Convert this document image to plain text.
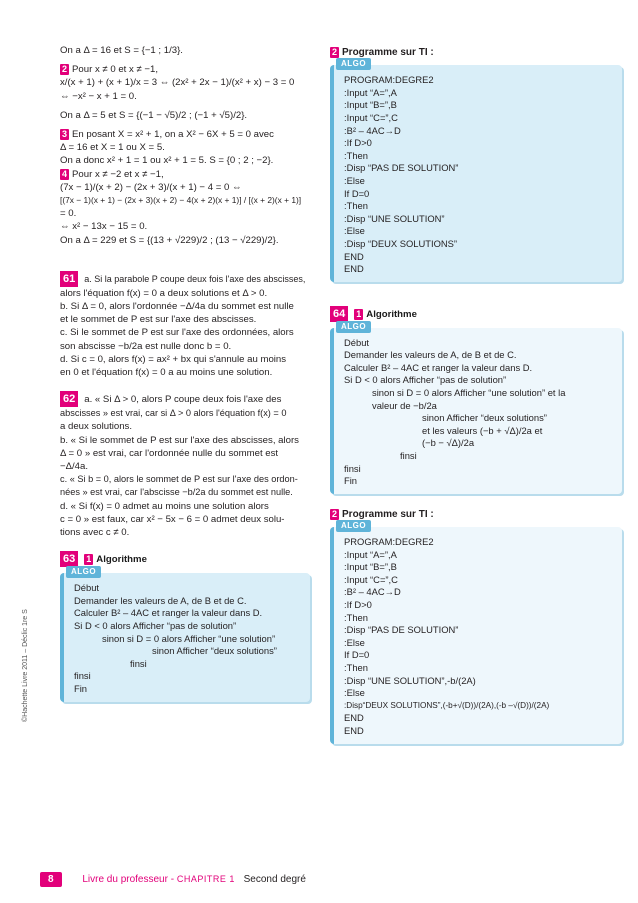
©Hachette Livre 2011 – Déclic 1re S
On a Δ = 16 et S = {−1 ; 1/3}.
2 Pour x ≠ 0 et x ≠ −1,
x/(x + 1) + (x + 1)/x = 3 ⇔ (2x² + 2x − 1)/(x² + x) − 3 = 0
⇔ −x² − x + 1 = 0.
On a Δ = 5 et S = {(−1 − √5)/2 ; (−1 + √5)/2}.
3 En posant X = x² + 1, on a X² − 6X + 5 = 0 avec
Δ = 16 et X = 1 ou X = 5.
On a donc x² + 1 = 1 ou x² + 1 = 5. S = {0 ; 2 ; −2}.
4 Pour x ≠ −2 et x ≠ −1,
(7x − 1)/(x + 2) − (2x + 3)/(x + 1) − 4 = 0 ⇔
[(7x − 1)(x + 1) − (2x + 3)(x + 2) − 4(x + 2)(x + 1)] / [(x + 2)(x + 1)]
= 0.
⇔ x² − 13x − 15 = 0.
On a Δ = 229 et S = {(13 + √229)/2 ; (13 − √229)/2}.
61 a. Si la parabole P coupe deux fois l'axe des abscisses,
alors l'équation f(x) = 0 a deux solutions et Δ > 0.
b. Si Δ = 0, alors l'ordonnée −Δ/4a du sommet est nulle
et le sommet de P est sur l'axe des abscisses.
c. Si le sommet de P est sur l'axe des ordonnées, alors
son abscisse −b/2a est nulle donc b = 0.
d. Si c = 0, alors f(x) = ax² + bx qui s'annule au moins
en 0 et l'équation f(x) = 0 a au moins une solution.
62 a. « Si Δ > 0, alors P coupe deux fois l'axe des
abscisses » est vrai, car si Δ > 0 alors l'équation f(x) = 0
a deux solutions.
b. « Si le sommet de P est sur l'axe des abscisses, alors
Δ = 0 » est vrai, car l'ordonnée nulle du sommet est
−Δ/4a.
c. « Si b = 0, alors le sommet de P est sur l'axe des ordon-
nées » est vrai, car l'abscisse −b/2a du sommet est nulle.
d. « Si f(x) = 0 admet au moins une solution alors
c = 0 » est faux, car x² − 5x − 6 = 0 admet deux solu-
tions avec c ≠ 0.
63 1 Algorithme
ALGO
Début
Demander les valeurs de A, de B et de C.
Calculer B² – 4AC et ranger la valeur dans D.
Si D < 0 alors Afficher “pas de solution”
sinon si D = 0 alors Afficher “une solution”
sinon Afficher “deux solutions”
finsi
finsi
Fin
2 Programme sur TI :
ALGO
PROGRAM:DEGRE2
:Input “A=”,A
:Input “B=”,B
:Input “C=”,C
:B² – 4AC→D
:If D>0
:Then
:Disp “PAS DE SOLUTION”
:Else
If D=0
:Then
:Disp “UNE SOLUTION”
:Else
:Disp “DEUX SOLUTIONS”
END
END
64 1 Algorithme
ALGO
Début
Demander les valeurs de A, de B et de C.
Calculer B² – 4AC et ranger la valeur dans D.
Si D < 0 alors Afficher “pas de solution”
sinon si D = 0 alors Afficher “une solution” et la
valeur de −b/2a
sinon Afficher “deux solutions”
et les valeurs (−b + √Δ)/2a et
(−b − √Δ)/2a
finsi
finsi
Fin
2 Programme sur TI :
ALGO
PROGRAM:DEGRE2
:Input “A=”,A
:Input “B=”,B
:Input “C=”,C
:B² – 4AC→D
:If D>0
:Then
:Disp “PAS DE SOLUTION”
:Else
If D=0
:Then
:Disp “UNE SOLUTION”,-b/(2A)
:Else
:Disp“DEUX SOLUTIONS”,(-b+√(D))/(2A),(-b –√(D))/(2A)
END
END
8	Livre du professeur - CHAPITRE 1 Second degré
